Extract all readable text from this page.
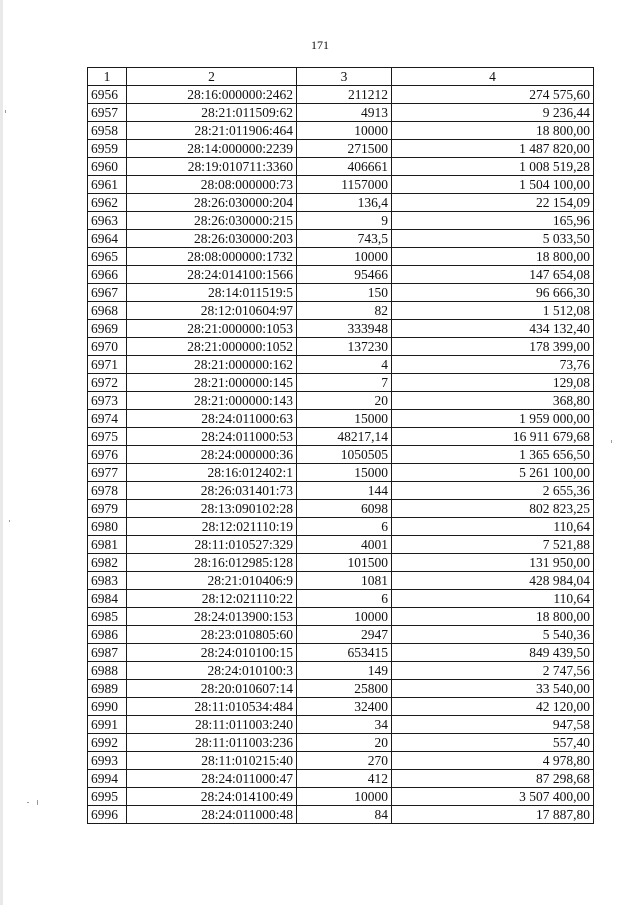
171
1	2	3	4
6956	28:16:000000:2462	211212	274 575,60
6957	28:21:011509:62	4913	9 236,44
6958	28:21:011906:464	10000	18 800,00
6959	28:14:000000:2239	271500	1 487 820,00
6960	28:19:010711:3360	406661	1 008 519,28
6961	28:08:000000:73	1157000	1 504 100,00
6962	28:26:030000:204	136,4	22 154,09
6963	28:26:030000:215	9	165,96
6964	28:26:030000:203	743,5	5 033,50
6965	28:08:000000:1732	10000	18 800,00
6966	28:24:014100:1566	95466	147 654,08
6967	28:14:011519:5	150	96 666,30
6968	28:12:010604:97	82	1 512,08
6969	28:21:000000:1053	333948	434 132,40
6970	28:21:000000:1052	137230	178 399,00
6971	28:21:000000:162	4	73,76
6972	28:21:000000:145	7	129,08
6973	28:21:000000:143	20	368,80
6974	28:24:011000:63	15000	1 959 000,00
6975	28:24:011000:53	48217,14	16 911 679,68
6976	28:24:000000:36	1050505	1 365 656,50
6977	28:16:012402:1	15000	5 261 100,00
6978	28:26:031401:73	144	2 655,36
6979	28:13:090102:28	6098	802 823,25
6980	28:12:021110:19	6	110,64
6981	28:11:010527:329	4001	7 521,88
6982	28:16:012985:128	101500	131 950,00
6983	28:21:010406:9	1081	428 984,04
6984	28:12:021110:22	6	110,64
6985	28:24:013900:153	10000	18 800,00
6986	28:23:010805:60	2947	5 540,36
6987	28:24:010100:15	653415	849 439,50
6988	28:24:010100:3	149	2 747,56
6989	28:20:010607:14	25800	33 540,00
6990	28:11:010534:484	32400	42 120,00
6991	28:11:011003:240	34	947,58
6992	28:11:011003:236	20	557,40
6993	28:11:010215:40	270	4 978,80
6994	28:24:011000:47	412	87 298,68
6995	28:24:014100:49	10000	3 507 400,00
6996	28:24:011000:48	84	17 887,80
